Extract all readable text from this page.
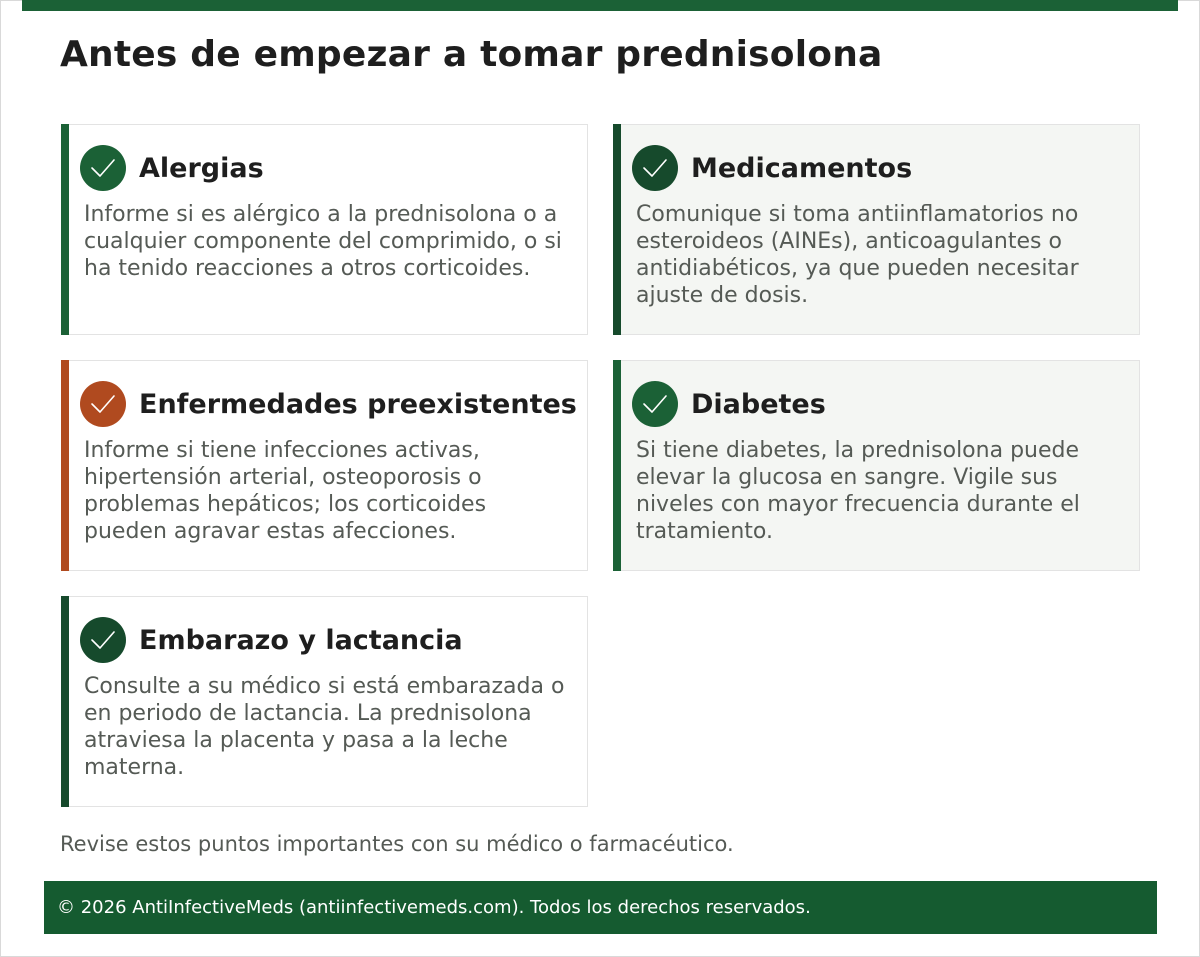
Antes de empezar a tomar prednisolona
Alergias

Informe si es alérgico a la prednisolona o a cualquier componente del comprimido, o si ha tenido reacciones a otros corticoides.

Medicamentos

Comunique si toma antiinflamatorios no esteroideos (AINEs), anticoagulantes o antidiabéticos, ya que pueden necesitar ajuste de dosis.

Enfermedades preexistentes

Informe si tiene infecciones activas, hipertensión arterial, osteoporosis o problemas hepáticos; los corticoides pueden agravar estas afecciones.

Diabetes

Si tiene diabetes, la prednisolona puede elevar la glucosa en sangre. Vigile sus niveles con mayor frecuencia durante el tratamiento.

Embarazo y lactancia

Consulte a su médico si está embarazada o en periodo de lactancia. La prednisolona atraviesa la placenta y pasa a la leche materna.

Revise estos puntos importantes con su médico o farmacéutico.

© 2026 AntiInfectiveMeds (antiinfectivemeds.com). Todos los derechos reservados.
